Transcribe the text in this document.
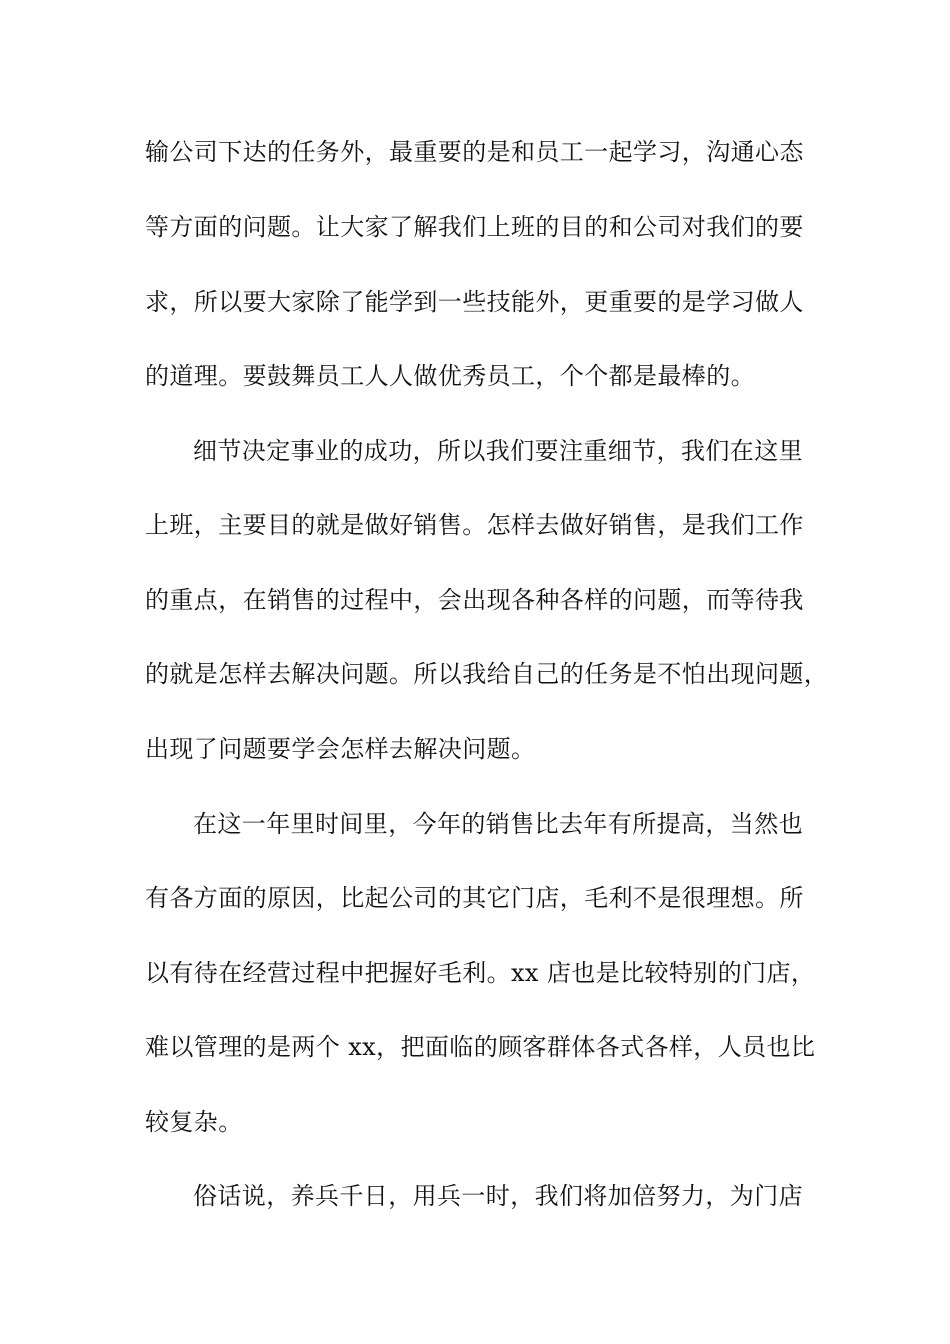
输公司下达的任务外，最重要的是和员工一起学习，沟通心态
等方面的问题。让大家了解我们上班的目的和公司对我们的要
求，所以要大家除了能学到一些技能外，更重要的是学习做人
的道理。要鼓舞员工人人做优秀员工，个个都是最棒的。
细节决定事业的成功，所以我们要注重细节，我们在这里
上班，主要目的就是做好销售。怎样去做好销售，是我们工作
的重点，在销售的过程中，会出现各种各样的问题，而等待我
的就是怎样去解决问题。所以我给自己的任务是不怕出现问题，
出现了问题要学会怎样去解决问题。
在这一年里时间里，今年的销售比去年有所提高，当然也
有各方面的原因，比起公司的其它门店，毛利不是很理想。所
以有待在经营过程中把握好毛利。xx 店也是比较特别的门店，
难以管理的是两个 xx，把面临的顾客群体各式各样，人员也比
较复杂。
俗话说，养兵千日，用兵一时，我们将加倍努力，为门店
